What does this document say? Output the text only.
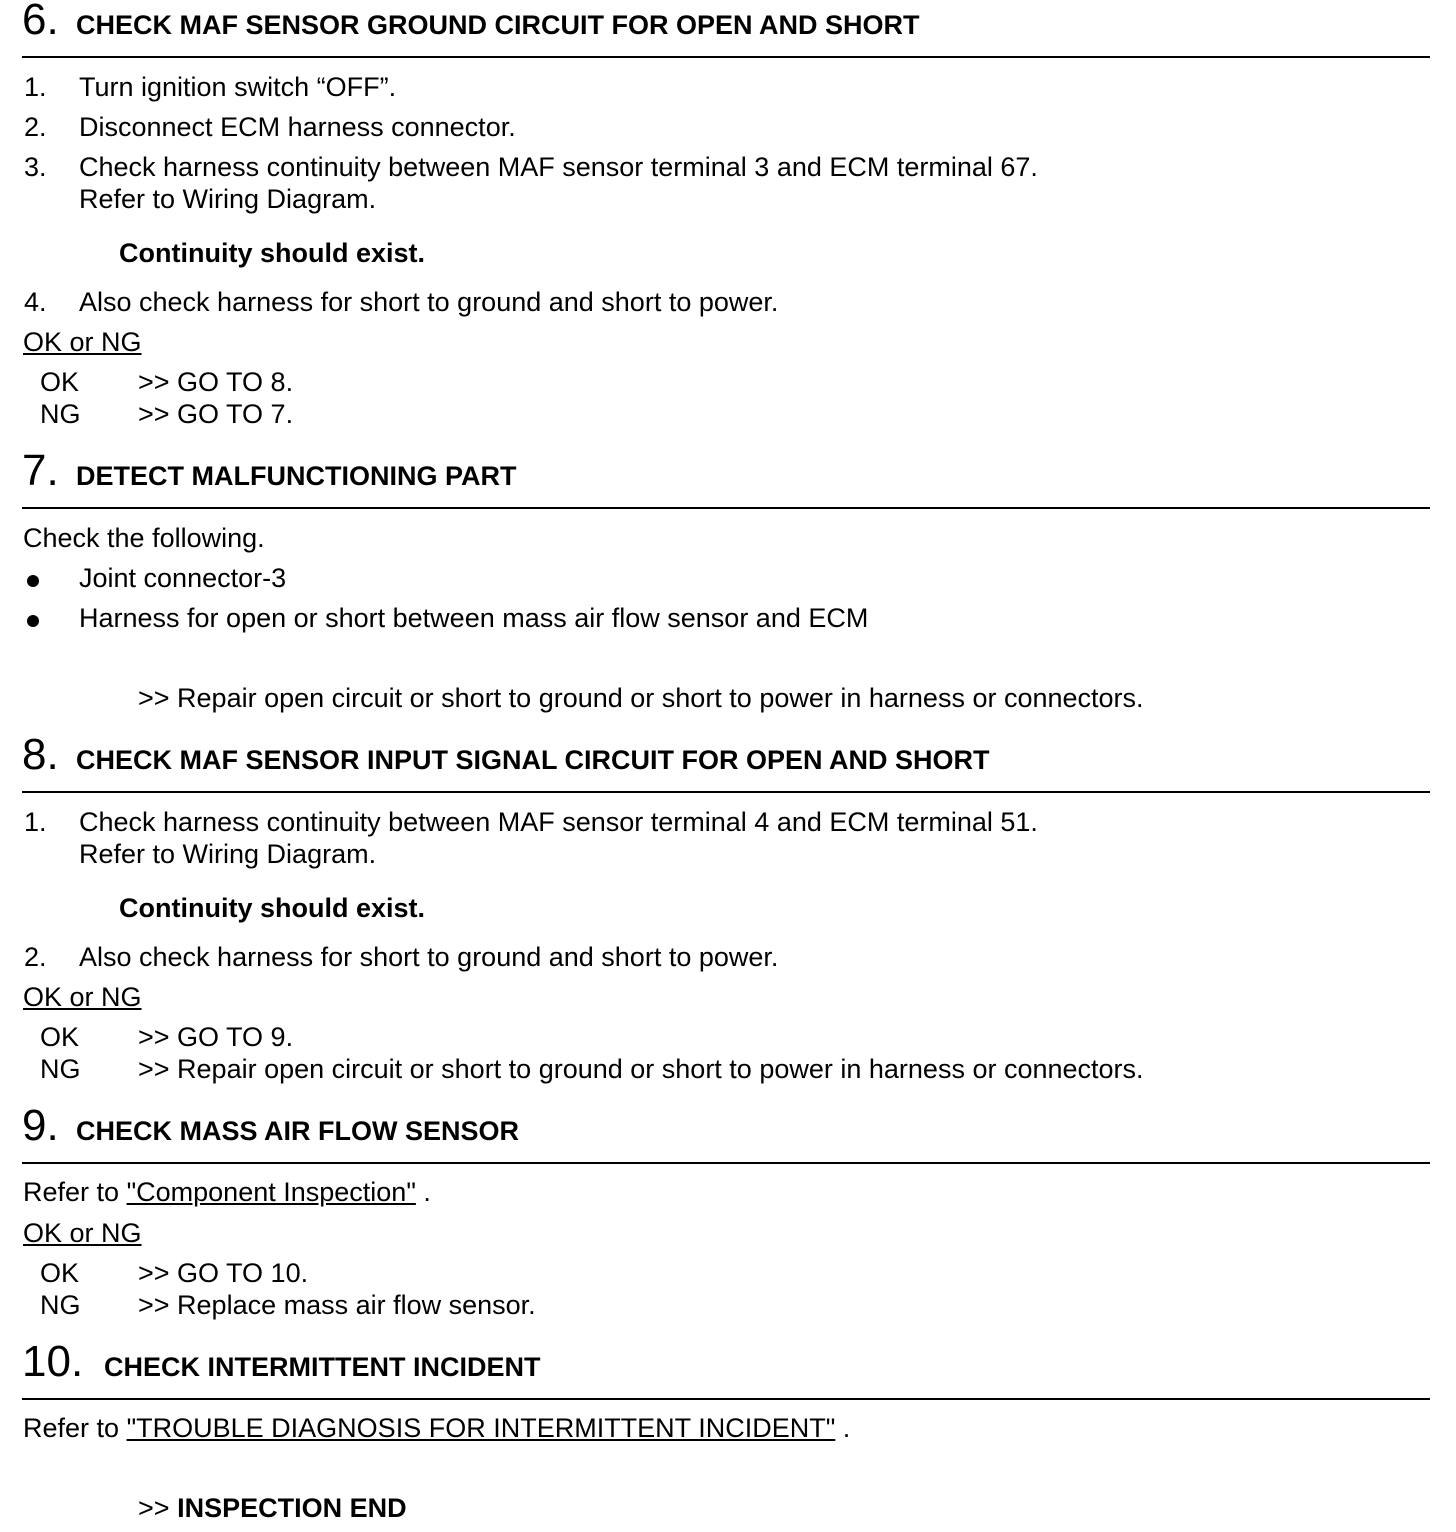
6. CHECK MAF SENSOR GROUND CIRCUIT FOR OPEN AND SHORT
1. Turn ignition switch “OFF”.
2. Disconnect ECM harness connector.
3. Check harness continuity between MAF sensor terminal 3 and ECM terminal 67.
Refer to Wiring Diagram.
Continuity should exist.
4. Also check harness for short to ground and short to power.
OK or NG
OK >> GO TO 8.
NG >> GO TO 7.
7. DETECT MALFUNCTIONING PART
Check the following.
Joint connector-3
Harness for open or short between mass air flow sensor and ECM
>> Repair open circuit or short to ground or short to power in harness or connectors.
8. CHECK MAF SENSOR INPUT SIGNAL CIRCUIT FOR OPEN AND SHORT
1. Check harness continuity between MAF sensor terminal 4 and ECM terminal 51.
Refer to Wiring Diagram.
Continuity should exist.
2. Also check harness for short to ground and short to power.
OK or NG
OK >> GO TO 9.
NG >> Repair open circuit or short to ground or short to power in harness or connectors.
9. CHECK MASS AIR FLOW SENSOR
Refer to "Component Inspection" .
OK or NG
OK >> GO TO 10.
NG >> Replace mass air flow sensor.
10. CHECK INTERMITTENT INCIDENT
Refer to "TROUBLE DIAGNOSIS FOR INTERMITTENT INCIDENT" .
>> INSPECTION END
